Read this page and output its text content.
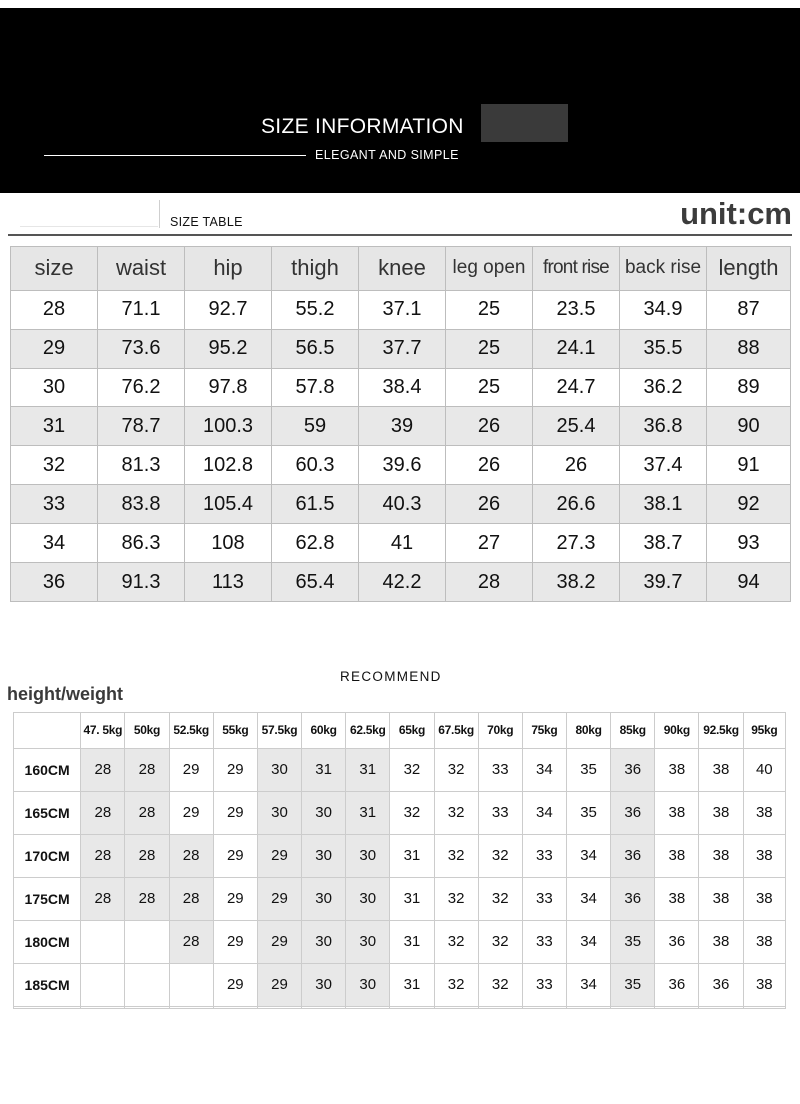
SIZE INFORMATION
ELEGANT AND SIMPLE
SIZE TABLE	unit:cm
size	waist	hip	thigh	knee	leg open	front rise	back rise	length
28	71.1	92.7	55.2	37.1	25	23.5	34.9	87
29	73.6	95.2	56.5	37.7	25	24.1	35.5	88
30	76.2	97.8	57.8	38.4	25	24.7	36.2	89
31	78.7	100.3	59	39	26	25.4	36.8	90
32	81.3	102.8	60.3	39.6	26	26	37.4	91
33	83.8	105.4	61.5	40.3	26	26.6	38.1	92
34	86.3	108	62.8	41	27	27.3	38.7	93
36	91.3	113	65.4	42.2	28	38.2	39.7	94
RECOMMEND
height/weight
	47. 5kg	50kg	52.5kg	55kg	57.5kg	60kg	62.5kg	65kg	67.5kg	70kg	75kg	80kg	85kg	90kg	92.5kg	95kg
160CM	28	28	29	29	30	31	31	32	32	33	34	35	36	38	38	40
165CM	28	28	29	29	30	30	31	32	32	33	34	35	36	38	38	38
170CM	28	28	28	29	29	30	30	31	32	32	33	34	36	38	38	38
175CM	28	28	28	29	29	30	30	31	32	32	33	34	36	38	38	38
180CM			28	29	29	30	30	31	32	32	33	34	35	36	38	38
185CM				29	29	30	30	31	32	32	33	34	35	36	36	38
